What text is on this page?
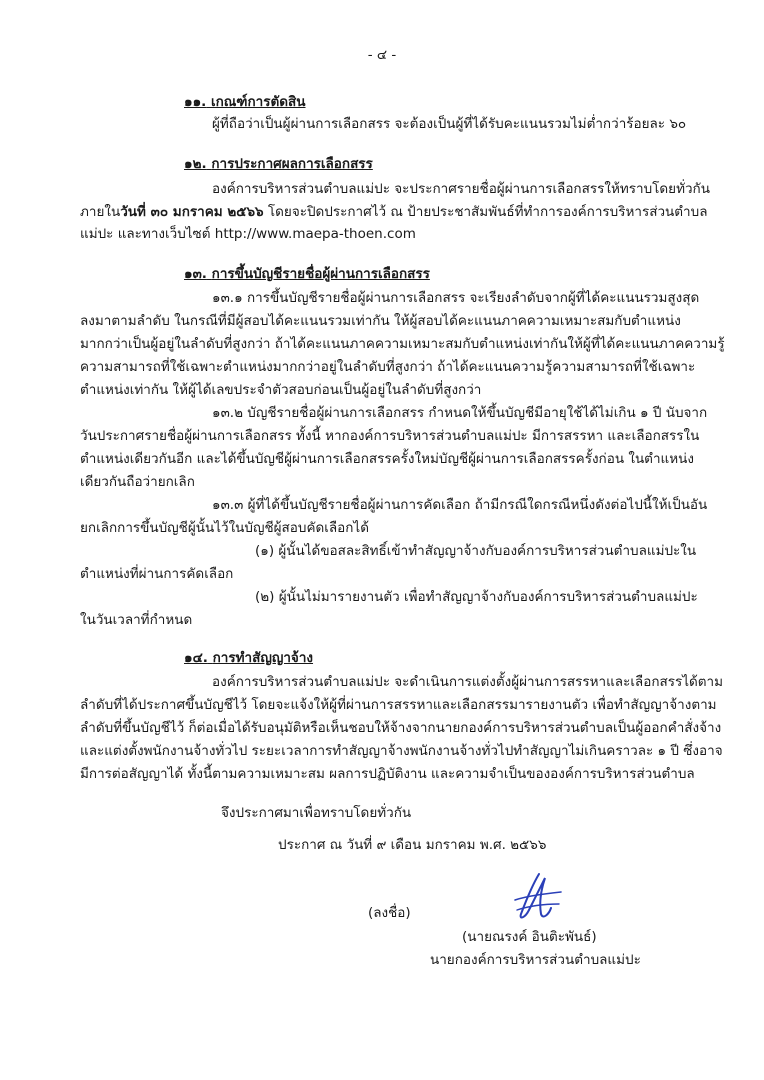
- ๔ -
๑๑. เกณฑ์การตัดสิน
ผู้ที่ถือว่าเป็นผู้ผ่านการเลือกสรร จะต้องเป็นผู้ที่ได้รับคะแนนรวมไม่ต่ำกว่าร้อยละ ๖๐
๑๒. การประกาศผลการเลือกสรร
องค์การบริหารส่วนตำบลแม่ปะ จะประกาศรายชื่อผู้ผ่านการเลือกสรรให้ทราบโดยทั่วกัน
ภายในวันที่ ๓๐ มกราคม ๒๕๖๖ โดยจะปิดประกาศไว้ ณ ป้ายประชาสัมพันธ์ที่ทำการองค์การบริหารส่วนตำบล
แม่ปะ และทางเว็บไซต์ http://www.maepa-thoen.com
๑๓. การขึ้นบัญชีรายชื่อผู้ผ่านการเลือกสรร
๑๓.๑ การขึ้นบัญชีรายชื่อผู้ผ่านการเลือกสรร จะเรียงลำดับจากผู้ที่ได้คะแนนรวมสูงสุด
ลงมาตามลำดับ ในกรณีที่มีผู้สอบได้คะแนนรวมเท่ากัน ให้ผู้สอบได้คะแนนภาคความเหมาะสมกับตำแหน่ง
มากกว่าเป็นผู้อยู่ในลำดับที่สูงกว่า ถ้าได้คะแนนภาคความเหมาะสมกับตำแหน่งเท่ากันให้ผู้ที่ได้คะแนนภาคความรู้
ความสามารถที่ใช้เฉพาะตำแหน่งมากกว่าอยู่ในลำดับที่สูงกว่า ถ้าได้คะแนนความรู้ความสามารถที่ใช้เฉพาะ
ตำแหน่งเท่ากัน ให้ผู้ได้เลขประจำตัวสอบก่อนเป็นผู้อยู่ในลำดับที่สูงกว่า
๑๓.๒ บัญชีรายชื่อผู้ผ่านการเลือกสรร กำหนดให้ขึ้นบัญชีมีอายุใช้ได้ไม่เกิน ๑ ปี นับจาก
วันประกาศรายชื่อผู้ผ่านการเลือกสรร ทั้งนี้ หากองค์การบริหารส่วนตำบลแม่ปะ มีการสรรหา และเลือกสรรใน
ตำแหน่งเดียวกันอีก และได้ขึ้นบัญชีผู้ผ่านการเลือกสรรครั้งใหม่บัญชีผู้ผ่านการเลือกสรรครั้งก่อน ในตำแหน่ง
เดียวกันถือว่ายกเลิก
๑๓.๓ ผู้ที่ได้ขึ้นบัญชีรายชื่อผู้ผ่านการคัดเลือก ถ้ามีกรณีใดกรณีหนึ่งดังต่อไปนี้ให้เป็นอัน
ยกเลิกการขึ้นบัญชีผู้นั้นไว้ในบัญชีผู้สอบคัดเลือกได้
(๑) ผู้นั้นได้ขอสละสิทธิ์เข้าทำสัญญาจ้างกับองค์การบริหารส่วนตำบลแม่ปะใน
ตำแหน่งที่ผ่านการคัดเลือก
(๒) ผู้นั้นไม่มารายงานตัว เพื่อทำสัญญาจ้างกับองค์การบริหารส่วนตำบลแม่ปะ
ในวันเวลาที่กำหนด
๑๔. การทำสัญญาจ้าง
องค์การบริหารส่วนตำบลแม่ปะ จะดำเนินการแต่งตั้งผู้ผ่านการสรรหาและเลือกสรรได้ตาม
ลำดับที่ได้ประกาศขึ้นบัญชีไว้ โดยจะแจ้งให้ผู้ที่ผ่านการสรรหาและเลือกสรรมารายงานตัว เพื่อทำสัญญาจ้างตาม
ลำดับที่ขึ้นบัญชีไว้ ก็ต่อเมื่อได้รับอนุมัติหรือเห็นชอบให้จ้างจากนายกองค์การบริหารส่วนตำบลเป็นผู้ออกคำสั่งจ้าง
และแต่งตั้งพนักงานจ้างทั่วไป ระยะเวลาการทำสัญญาจ้างพนักงานจ้างทั่วไปทำสัญญาไม่เกินคราวละ ๑ ปี ซึ่งอาจ
มีการต่อสัญญาได้ ทั้งนี้ตามความเหมาะสม ผลการปฏิบัติงาน และความจำเป็นขององค์การบริหารส่วนตำบล
จึงประกาศมาเพื่อทราบโดยทั่วกัน
ประกาศ ณ วันที่ ๙ เดือน มกราคม พ.ศ. ๒๕๖๖
(ลงชื่อ)
(นายณรงค์ อินติะพันธ์)
นายกองค์การบริหารส่วนตำบลแม่ปะ
